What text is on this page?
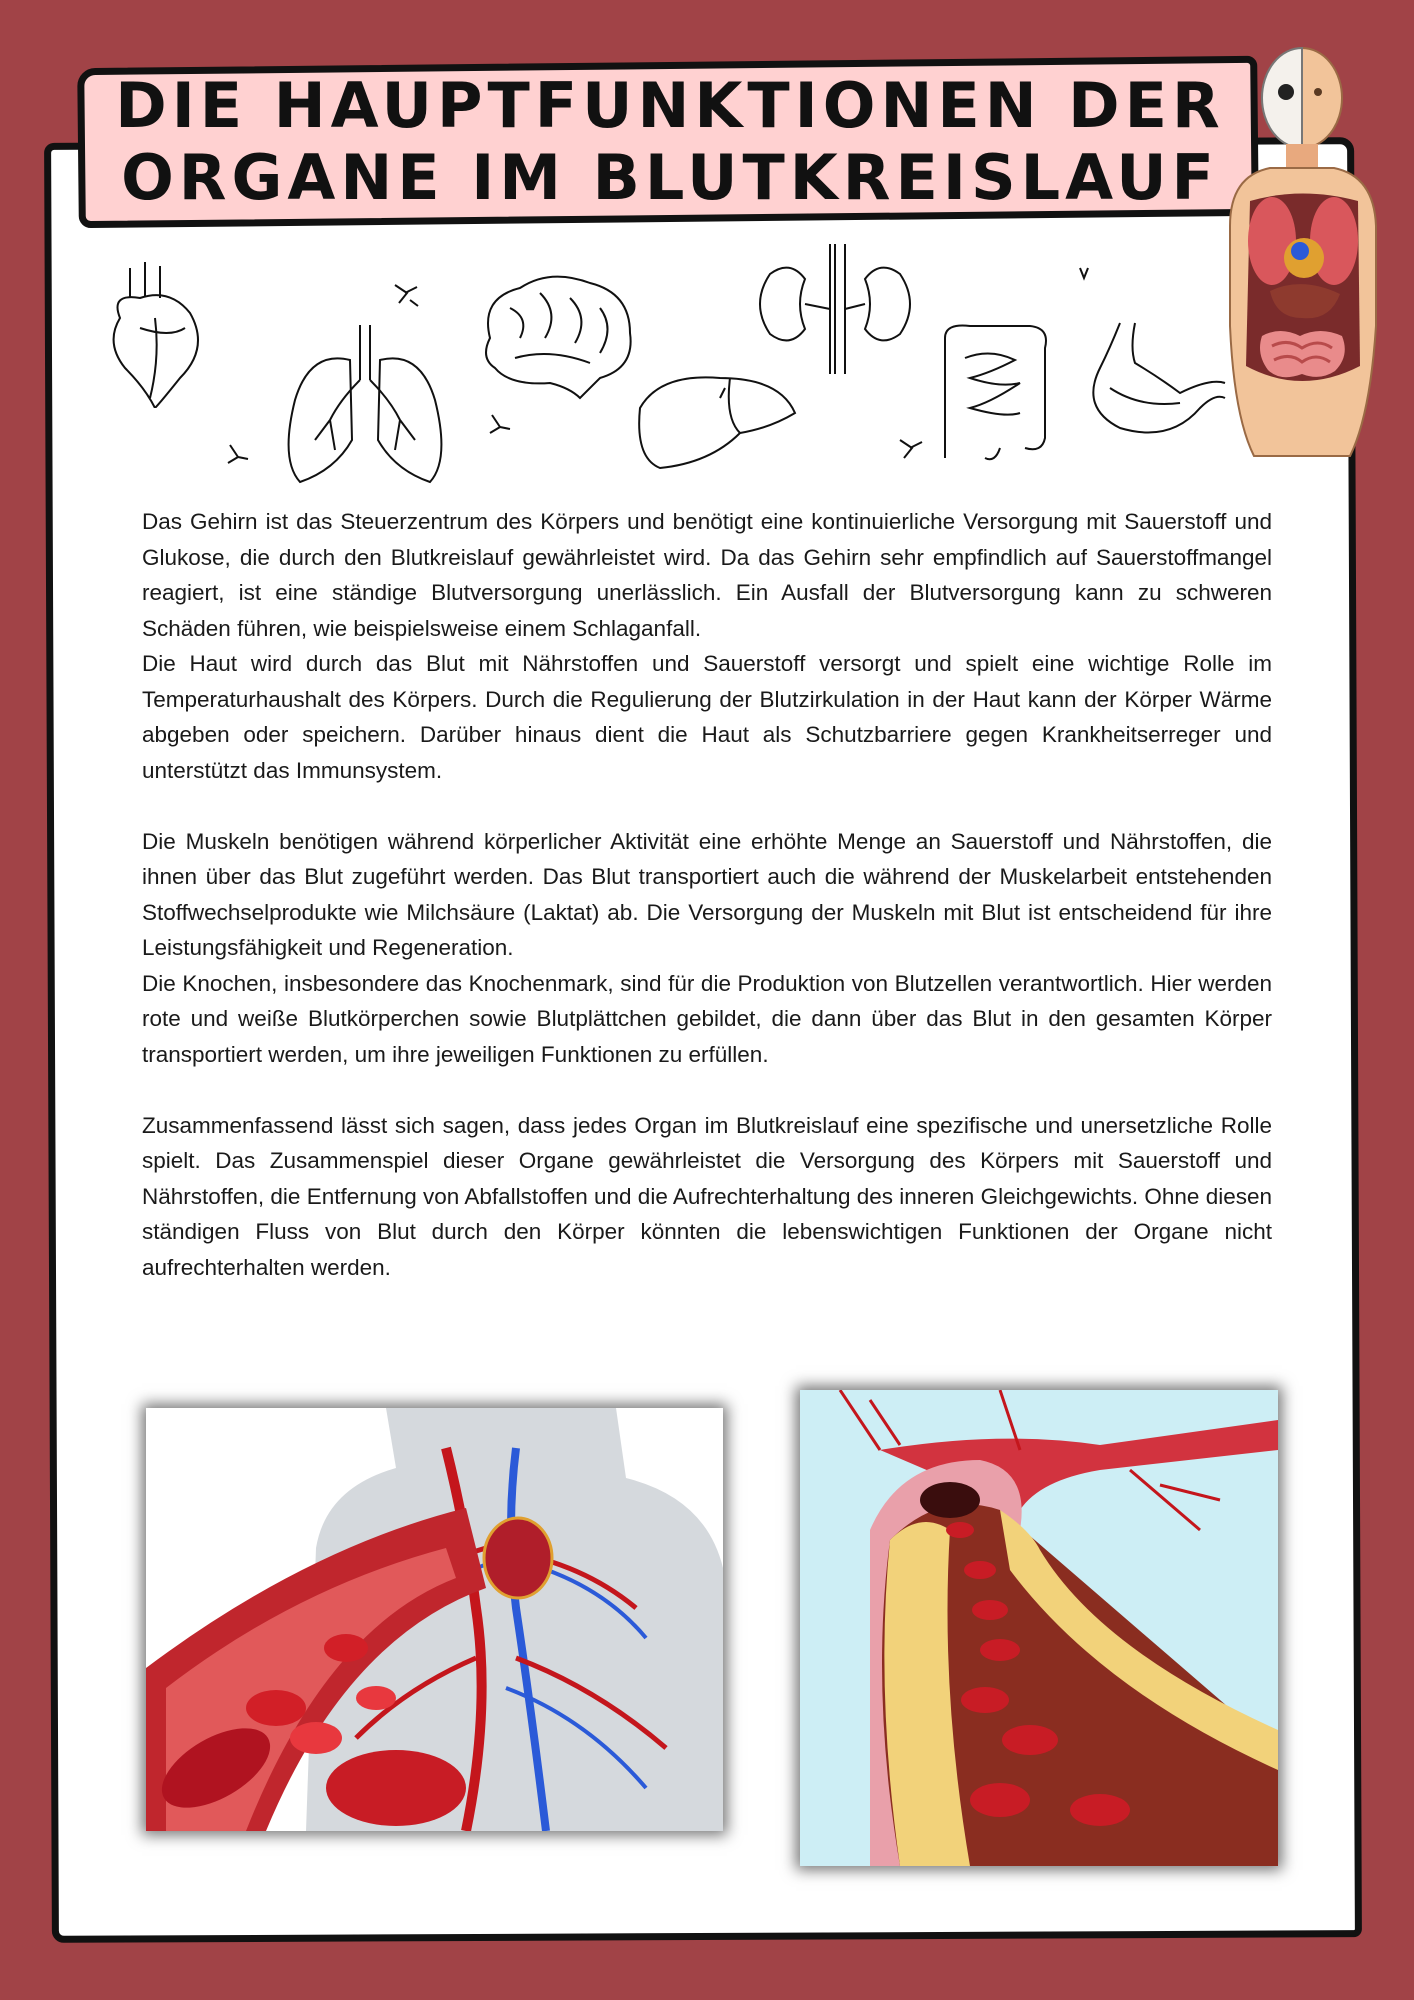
DIE HAUPTFUNKTIONEN DER
ORGANE IM BLUTKREISLAUF

Das Gehirn ist das Steuerzentrum des Körpers und benötigt eine kontinuierliche Versorgung mit Sauerstoff und Glukose, die durch den Blutkreislauf gewährleistet wird. Da das Gehirn sehr empfindlich auf Sauerstoffmangel reagiert, ist eine ständige Blutversorgung unerlässlich. Ein Ausfall der Blutversorgung kann zu schweren Schäden führen, wie beispielsweise einem Schlaganfall.

Die Haut wird durch das Blut mit Nährstoffen und Sauerstoff versorgt und spielt eine wichtige Rolle im Temperaturhaushalt des Körpers. Durch die Regulierung der Blutzirkulation in der Haut kann der Körper Wärme abgeben oder speichern. Darüber hinaus dient die Haut als Schutzbarriere gegen Krankheitserreger und unterstützt das Immunsystem.

Die Muskeln benötigen während körperlicher Aktivität eine erhöhte Menge an Sauerstoff und Nährstoffen, die ihnen über das Blut zugeführt werden. Das Blut transportiert auch die während der Muskelarbeit entstehenden Stoffwechselprodukte wie Milchsäure (Laktat) ab. Die Versorgung der Muskeln mit Blut ist entscheidend für ihre Leistungsfähigkeit und Regeneration.

Die Knochen, insbesondere das Knochenmark, sind für die Produktion von Blutzellen verantwortlich. Hier werden rote und weiße Blutkörperchen sowie Blutplättchen gebildet, die dann über das Blut in den gesamten Körper transportiert werden, um ihre jeweiligen Funktionen zu erfüllen.

Zusammenfassend lässt sich sagen, dass jedes Organ im Blutkreislauf eine spezifische und unersetzliche Rolle spielt. Das Zusammenspiel dieser Organe gewährleistet die Versorgung des Körpers mit Sauerstoff und Nährstoffen, die Entfernung von Abfallstoffen und die Aufrechterhaltung des inneren Gleichgewichts. Ohne diesen ständigen Fluss von Blut durch den Körper könnten die lebenswichtigen Funktionen der Organe nicht aufrechterhalten werden.
